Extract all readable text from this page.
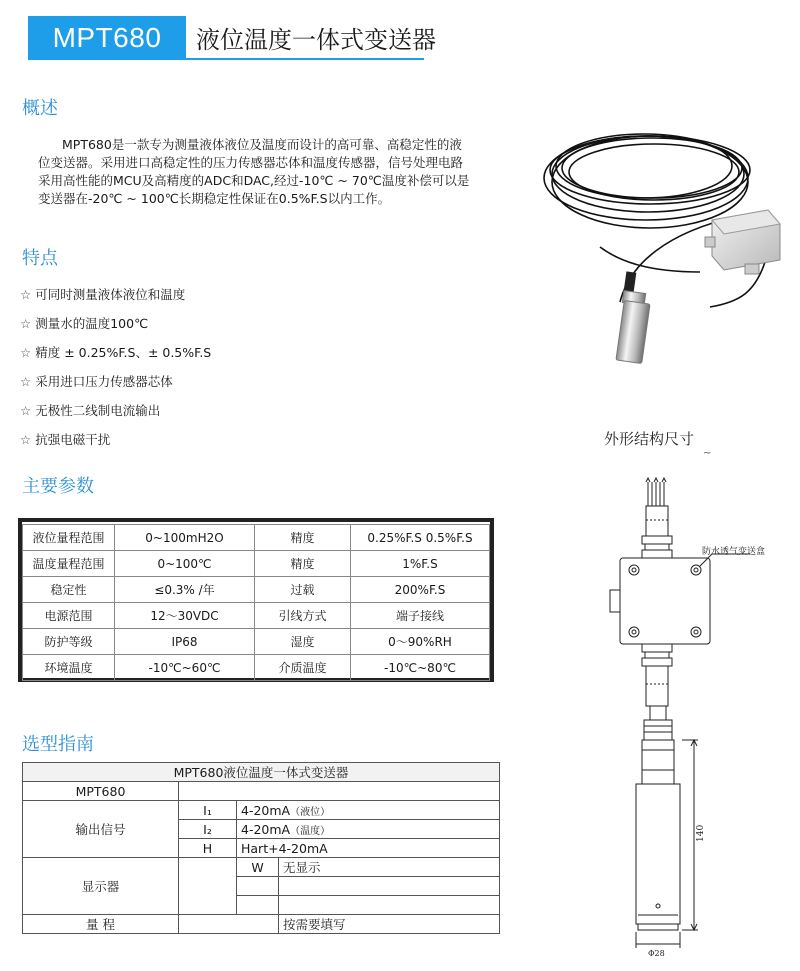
MPT680	液位温度一体式变送器
概述
MPT680是一款专为测量液体液位及温度而设计的高可靠、高稳定性的液
位变送器。采用进口高稳定性的压力传感器芯体和温度传感器，信号处理电路
采用高性能的MCU及高精度的ADC和DAC,经过-10℃ ~ 70℃温度补偿可以是
变送器在-20℃ ~ 100℃长期稳定性保证在0.5%F.S以内工作。
特点
☆ 可同时测量液体液位和温度
☆ 测量水的温度100℃
☆ 精度 ± 0.25%F.S、± 0.5%F.S
☆ 采用进口压力传感器芯体
☆ 无极性二线制电流输出
☆ 抗强电磁干扰
主要参数
液位量程范围	0~100mH2O	精度	0.25%F.S 0.5%F.S
温度量程范围	0~100℃	精度	1%F.S
稳定性	≤0.3% /年	过载	200%F.S
电源范围	12～30VDC	引线方式	端子接线
防护等级	IP68	湿度	0～90%RH
环境温度	-10℃~60℃	介质温度	-10℃~80℃
选型指南
MPT680液位温度一体式变送器			
MPT680			
输出信号	I₁	4-20mA（液位）	
	I₂	4-20mA（温度）	
	H	Hart+4-20mA	
显示器		W	无显示

量 程			按需要填写
外形结构尺寸
~
防水透气变送盒
140
Φ28
